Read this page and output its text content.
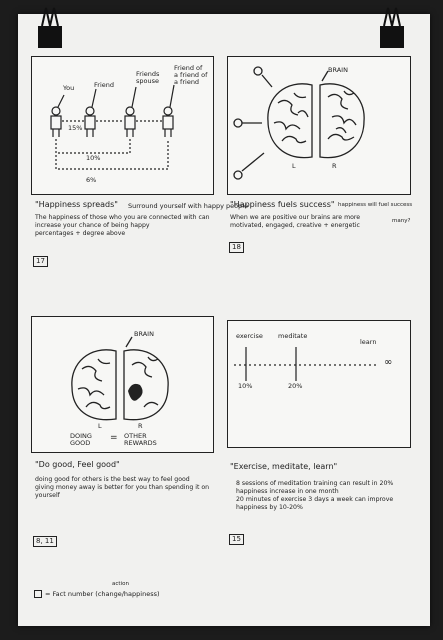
You	Friend
Friends spouse
Friend of a friend of a friend
15%
10%
6%
"Happiness spreads" Surround yourself with happy people
The happiness of those who you are connected with can increase your chance of being happy
percentages + degree above
17
BRAIN
L	R
"Happiness fuels success" happiness will fuel success
many?
When we are positive our brains are more motivated, engaged, creative + energetic
18
BRAIN
L	R
DOING GOOD	= OTHER REWARDS
"Do good, Feel good"
doing good for others is the best way to feel good
giving money away is better for you than spending it on yourself
8, 11
exercise meditate
learn
∞
10%	20%
"Exercise, meditate, learn"
8 sessions of meditation training can result in 20% happiness increase in one month
20 minutes of exercise 3 days a week can improve happiness by 10-20%
15
= Fact number (change/happiness)
action
